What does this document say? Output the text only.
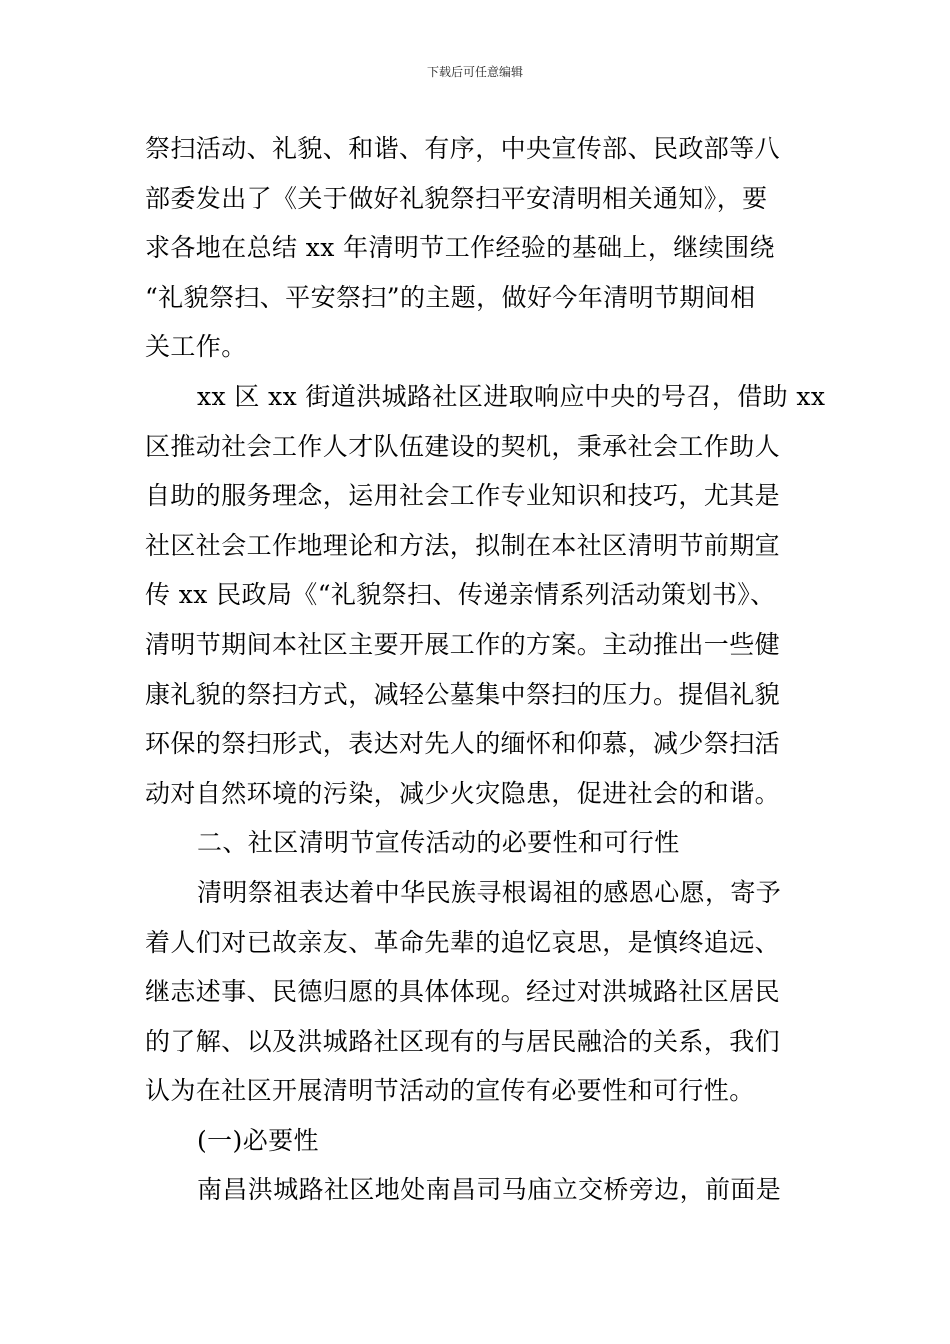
下载后可任意编辑
祭扫活动、礼貌、和谐、有序，中央宣传部、民政部等八
部委发出了《关于做好礼貌祭扫平安清明相关通知》，要
求各地在总结 xx 年清明节工作经验的基础上，继续围绕
“礼貌祭扫、平安祭扫”的主题，做好今年清明节期间相
关工作。
xx 区 xx 街道洪城路社区进取响应中央的号召，借助 xx
区推动社会工作人才队伍建设的契机，秉承社会工作助人
自助的服务理念，运用社会工作专业知识和技巧，尤其是
社区社会工作地理论和方法，拟制在本社区清明节前期宣
传 xx 民政局《“礼貌祭扫、传递亲情系列活动策划书》、
清明节期间本社区主要开展工作的方案。主动推出一些健
康礼貌的祭扫方式，减轻公墓集中祭扫的压力。提倡礼貌
环保的祭扫形式，表达对先人的缅怀和仰慕，减少祭扫活
动对自然环境的污染，减少火灾隐患，促进社会的和谐。
二、社区清明节宣传活动的必要性和可行性
清明祭祖表达着中华民族寻根谒祖的感恩心愿，寄予
着人们对已故亲友、革命先辈的追忆哀思，是慎终追远、
继志述事、民德归愿的具体体现。经过对洪城路社区居民
的了解、以及洪城路社区现有的与居民融洽的关系，我们
认为在社区开展清明节活动的宣传有必要性和可行性。
(一)必要性
南昌洪城路社区地处南昌司马庙立交桥旁边，前面是
